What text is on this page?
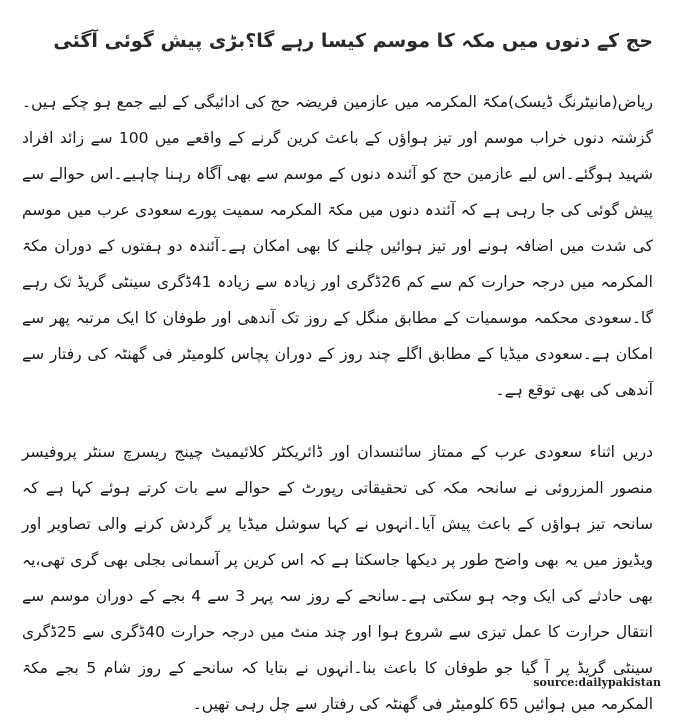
حج کے دنوں میں مکہ کا موسم کیسا رہے گا؟بڑی پیش گوئی آگئی

ریاض(مانیٹرنگ ڈیسک)مکۃ المکرمہ میں عازمین فریضہ حج کی ادائیگی کے لیے جمع ہو چکے ہیں۔گزشتہ دنوں خراب موسم اور تیز ہواؤں کے باعث کرین گرنے کے واقعے میں 100 سے زائد افراد شہید ہوگئے۔اس لیے عازمین حج کو آئندہ دنوں کے موسم سے بھی آگاہ رہنا چاہیے۔اس حوالے سے پیش گوئی کی جا رہی ہے کہ آئندہ دنوں میں مکۃ المکرمہ سمیت پورے سعودی عرب میں موسم کی شدت میں اضافہ ہونے اور تیز ہوائیں چلنے کا بھی امکان ہے۔آئندہ دو ہفتوں کے دوران مکۃ المکرمہ میں درجہ حرارت کم سے کم 26ڈگری اور زیادہ سے زیادہ 41ڈگری سینٹی گریڈ تک رہے گا۔سعودی محکمہ موسمیات کے مطابق منگل کے روز تک آندھی اور طوفان کا ایک مرتبہ پھر سے امکان ہے۔سعودی میڈیا کے مطابق اگلے چند روز کے دوران پچاس کلومیٹر فی گھنٹہ کی رفتار سے آندھی کی بھی توقع ہے۔

دریں اثناء سعودی عرب کے ممتاز سائنسدان اور ڈائریکٹر کلائیمیٹ چینج ریسرچ سنٹر پروفیسر منصور المزروئی نے سانحہ مکہ کی تحقیقاتی رپورٹ کے حوالے سے بات کرتے ہوئے کہا ہے کہ سانحہ تیز ہواؤں کے باعث پیش آیا۔انہوں نے کہا سوشل میڈیا پر گردش کرنے والی تصاویر اور ویڈیوز میں یہ بھی واضح طور پر دیکھا جاسکتا ہے کہ اس کرین پر آسمانی بجلی بھی گری تھی،یہ بھی حادثے کی ایک وجہ ہو سکتی ہے۔سانحے کے روز سہ پہر 3 سے 4 بجے کے دوران موسم سے انتقال حرارت کا عمل تیزی سے شروع ہوا اور چند منٹ میں درجہ حرارت 40ڈگری سے 25ڈگری سینٹی گریڈ پر آ گیا جو طوفان کا باعث بنا۔انہوں نے بتایا کہ سانحے کے روز شام 5 بجے مکۃ المکرمہ میں ہوائیں 65 کلومیٹر فی گھنٹہ کی رفتار سے چل رہی تھیں۔

source:dailypakistan
